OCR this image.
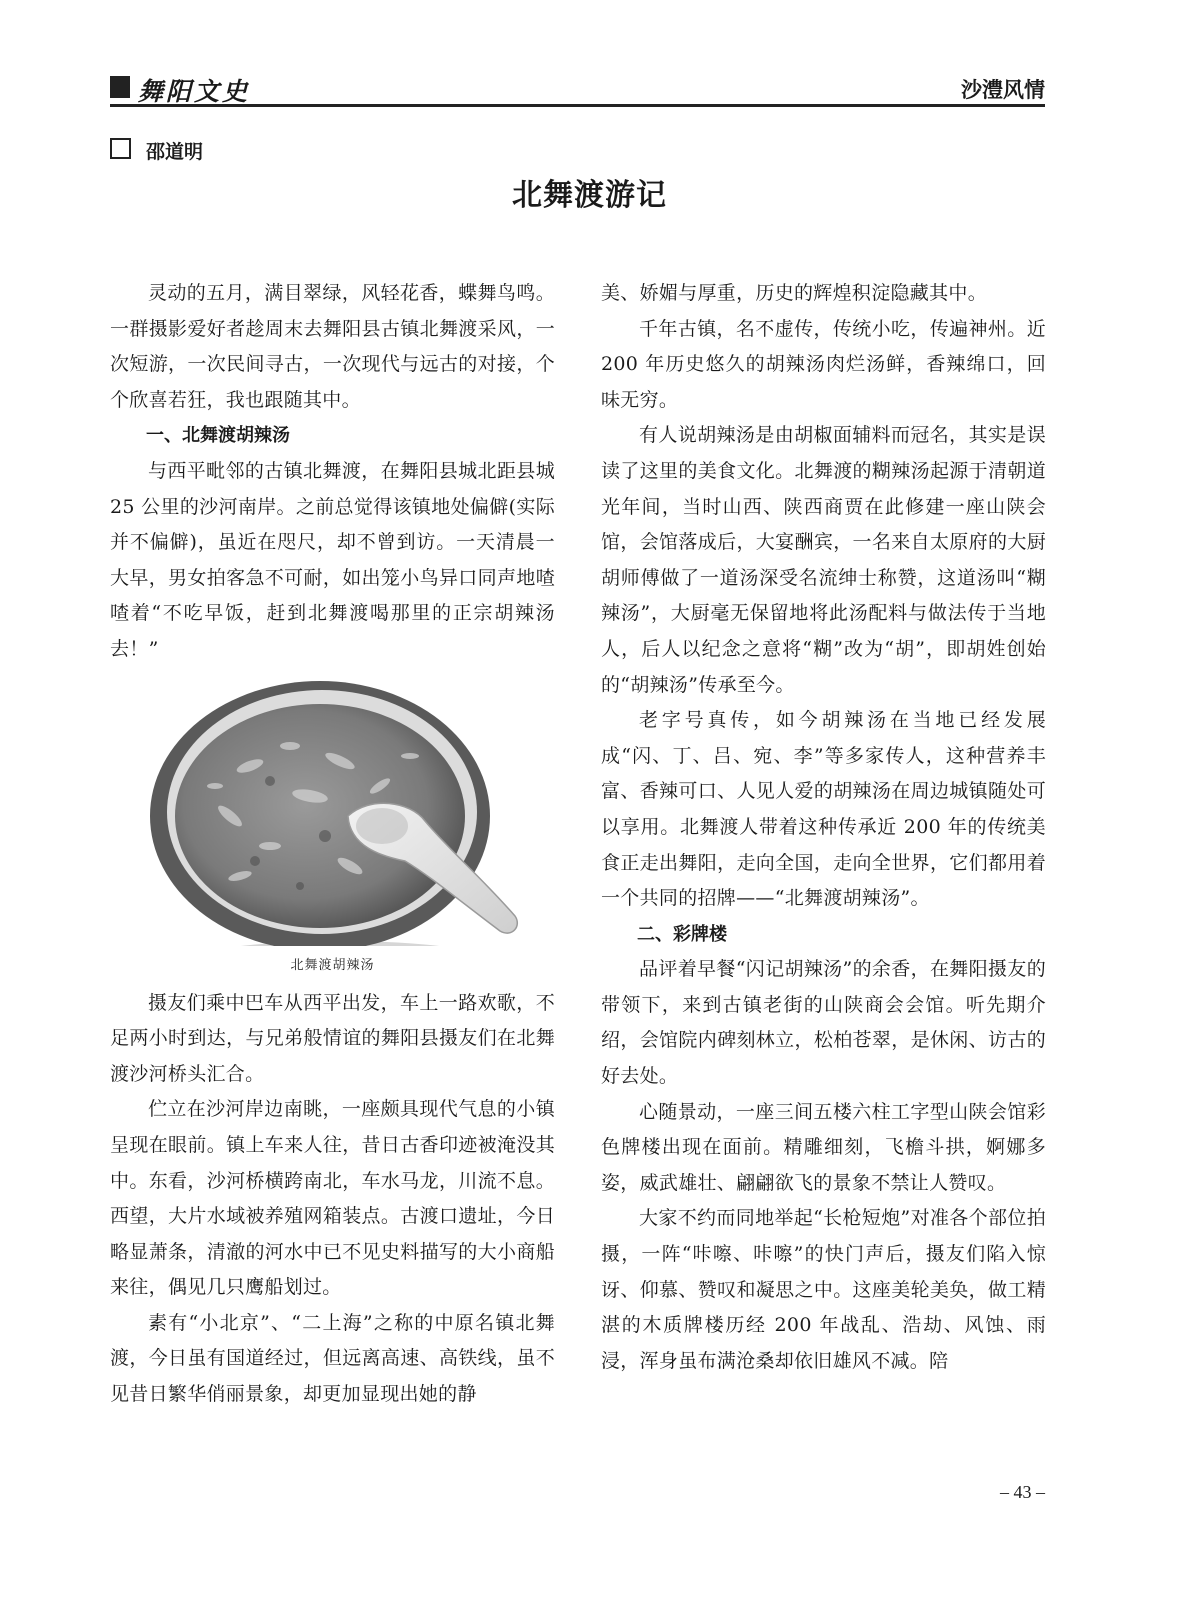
舞阳文史	沙澧风情
邵道明
北舞渡游记

灵动的五月，满目翠绿，风轻花香，蝶舞鸟鸣。一群摄影爱好者趁周末去舞阳县古镇北舞渡采风，一次短游，一次民间寻古，一次现代与远古的对接，个个欣喜若狂，我也跟随其中。

一、北舞渡胡辣汤

与西平毗邻的古镇北舞渡，在舞阳县城北距县城 25 公里的沙河南岸。之前总觉得该镇地处偏僻(实际并不偏僻)，虽近在咫尺，却不曾到访。一天清晨一大早，男女拍客急不可耐，如出笼小鸟异口同声地喳喳着“不吃早饭，赶到北舞渡喝那里的正宗胡辣汤去！”

北舞渡胡辣汤

摄友们乘中巴车从西平出发，车上一路欢歌，不足两小时到达，与兄弟般情谊的舞阳县摄友们在北舞渡沙河桥头汇合。

伫立在沙河岸边南眺，一座颇具现代气息的小镇呈现在眼前。镇上车来人往，昔日古香印迹被淹没其中。东看，沙河桥横跨南北，车水马龙，川流不息。西望，大片水域被养殖网箱装点。古渡口遗址，今日略显萧条，清澈的河水中已不见史料描写的大小商船来往，偶见几只鹰船划过。

素有“小北京”、“二上海”之称的中原名镇北舞渡，今日虽有国道经过，但远离高速、高铁线，虽不见昔日繁华俏丽景象，却更加显现出她的静

美、娇媚与厚重，历史的辉煌积淀隐藏其中。

千年古镇，名不虚传，传统小吃，传遍神州。近 200 年历史悠久的胡辣汤肉烂汤鲜，香辣绵口，回味无穷。

有人说胡辣汤是由胡椒面辅料而冠名，其实是误读了这里的美食文化。北舞渡的糊辣汤起源于清朝道光年间，当时山西、陕西商贾在此修建一座山陕会馆，会馆落成后，大宴酬宾，一名来自太原府的大厨胡师傅做了一道汤深受名流绅士称赞，这道汤叫“糊辣汤”，大厨毫无保留地将此汤配料与做法传于当地人，后人以纪念之意将“糊”改为“胡”，即胡姓创始的“胡辣汤”传承至今。

老字号真传，如今胡辣汤在当地已经发展成“闪、丁、吕、宛、李”等多家传人，这种营养丰富、香辣可口、人见人爱的胡辣汤在周边城镇随处可以享用。北舞渡人带着这种传承近 200 年的传统美食正走出舞阳，走向全国，走向全世界，它们都用着一个共同的招牌——“北舞渡胡辣汤”。

二、彩牌楼

品评着早餐“闪记胡辣汤”的余香，在舞阳摄友的带领下，来到古镇老街的山陕商会会馆。听先期介绍，会馆院内碑刻林立，松柏苍翠，是休闲、访古的好去处。

心随景动，一座三间五楼六柱工字型山陕会馆彩色牌楼出现在面前。精雕细刻，飞檐斗拱，婀娜多姿，威武雄壮、翩翩欲飞的景象不禁让人赞叹。

大家不约而同地举起“长枪短炮”对准各个部位拍摄，一阵“咔嚓、咔嚓”的快门声后，摄友们陷入惊讶、仰慕、赞叹和凝思之中。这座美轮美奂，做工精湛的木质牌楼历经 200 年战乱、浩劫、风蚀、雨浸，浑身虽布满沧桑却依旧雄风不减。陪

– 43 –
